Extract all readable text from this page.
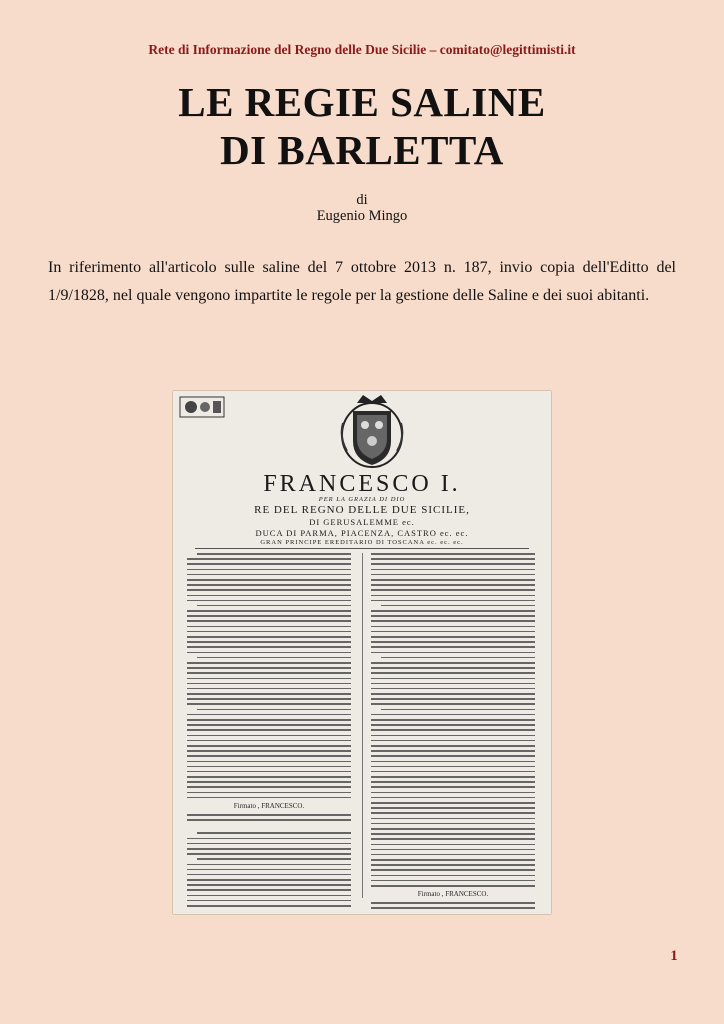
Rete di Informazione del Regno delle Due Sicilie – comitato@legittimisti.it
LE REGIE SALINE
DI BARLETTA
di
Eugenio Mingo
In riferimento all'articolo sulle saline del 7 ottobre 2013 n. 187, invio copia dell'Editto del 1/9/1828, nel quale vengono impartite le regole per la gestione delle Saline e dei suoi abitanti.
FRANCESCO I.
PER LA GRAZIA DI DIO
RE DEL REGNO DELLE DUE SICILIE,
DI GERUSALEMME ec.
DUCA DI PARMA, PIACENZA, CASTRO ec. ec.
GRAN PRINCIPE EREDITARIO DI TOSCANA ec. ec. ec.
Firmato , FRANCESCO.
Firmato , FRANCESCO.
1
